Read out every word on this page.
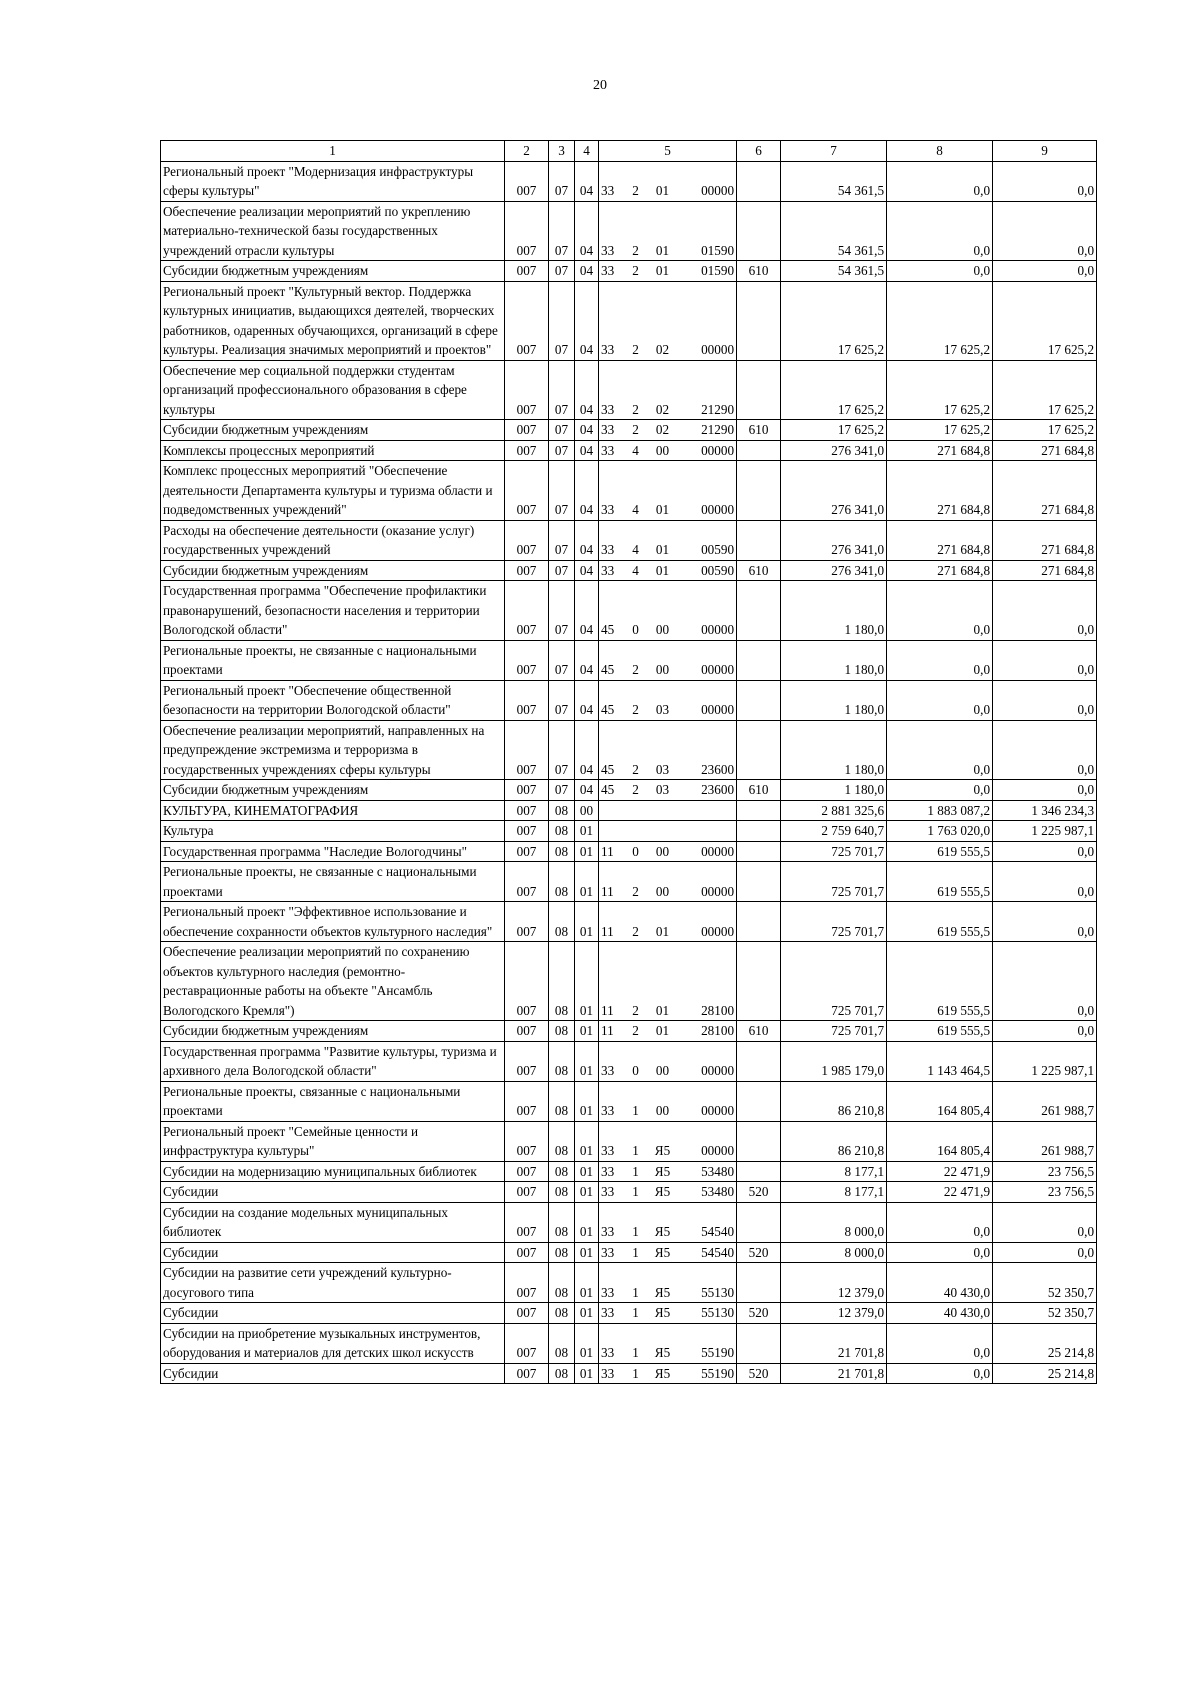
20
1	2	3	4	5				6	7	8	9
Региональный проект "Модернизация инфраструктуры сферы культуры"	007	07	04	33	2	01	00000		54 361,5	0,0	0,0
Обеспечение реализации мероприятий по укреплению материально-технической базы государственных учреждений отрасли культуры	007	07	04	33	2	01	01590		54 361,5	0,0	0,0
Субсидии бюджетным учреждениям	007	07	04	33	2	01	01590	610	54 361,5	0,0	0,0
Региональный проект "Культурный вектор. Поддержка культурных инициатив, выдающихся деятелей, творческих работников, одаренных обучающихся, организаций в сфере культуры. Реализация значимых мероприятий и проектов"	007	07	04	33	2	02	00000		17 625,2	17 625,2	17 625,2
Обеспечение мер социальной поддержки студентам организаций профессионального образования в сфере культуры	007	07	04	33	2	02	21290		17 625,2	17 625,2	17 625,2
Субсидии бюджетным учреждениям	007	07	04	33	2	02	21290	610	17 625,2	17 625,2	17 625,2
Комплексы процессных мероприятий	007	07	04	33	4	00	00000		276 341,0	271 684,8	271 684,8
Комплекс процессных мероприятий "Обеспечение деятельности Департамента культуры и туризма области и подведомственных учреждений"	007	07	04	33	4	01	00000		276 341,0	271 684,8	271 684,8
Расходы на обеспечение деятельности (оказание услуг) государственных учреждений	007	07	04	33	4	01	00590		276 341,0	271 684,8	271 684,8
Субсидии бюджетным учреждениям	007	07	04	33	4	01	00590	610	276 341,0	271 684,8	271 684,8
Государственная программа "Обеспечение профилактики правонарушений, безопасности населения и территории Вологодской области"	007	07	04	45	0	00	00000		1 180,0	0,0	0,0
Региональные проекты, не связанные с национальными проектами	007	07	04	45	2	00	00000		1 180,0	0,0	0,0
Региональный проект "Обеспечение общественной безопасности на территории Вологодской области"	007	07	04	45	2	03	00000		1 180,0	0,0	0,0
Обеспечение реализации мероприятий, направленных на предупреждение экстремизма и терроризма в государственных учреждениях сферы культуры	007	07	04	45	2	03	23600		1 180,0	0,0	0,0
Субсидии бюджетным учреждениям	007	07	04	45	2	03	23600	610	1 180,0	0,0	0,0
КУЛЬТУРА, КИНЕМАТОГРАФИЯ	007	08	00						2 881 325,6	1 883 087,2	1 346 234,3
Культура	007	08	01						2 759 640,7	1 763 020,0	1 225 987,1
Государственная программа "Наследие Вологодчины"	007	08	01	11	0	00	00000		725 701,7	619 555,5	0,0
Региональные проекты, не связанные с национальными проектами	007	08	01	11	2	00	00000		725 701,7	619 555,5	0,0
Региональный проект "Эффективное использование и обеспечение сохранности объектов культурного наследия"	007	08	01	11	2	01	00000		725 701,7	619 555,5	0,0
Обеспечение реализации мероприятий по сохранению объектов культурного наследия (ремонтно-реставрационные работы на объекте "Ансамбль Вологодского Кремля")	007	08	01	11	2	01	28100		725 701,7	619 555,5	0,0
Субсидии бюджетным учреждениям	007	08	01	11	2	01	28100	610	725 701,7	619 555,5	0,0
Государственная программа "Развитие культуры, туризма и архивного дела Вологодской области"	007	08	01	33	0	00	00000		1 985 179,0	1 143 464,5	1 225 987,1
Региональные проекты, связанные с национальными проектами	007	08	01	33	1	00	00000		86 210,8	164 805,4	261 988,7
Региональный проект "Семейные ценности и инфраструктура культуры"	007	08	01	33	1	Я5	00000		86 210,8	164 805,4	261 988,7
Субсидии на модернизацию муниципальных библиотек	007	08	01	33	1	Я5	53480		8 177,1	22 471,9	23 756,5
Субсидии	007	08	01	33	1	Я5	53480	520	8 177,1	22 471,9	23 756,5
Субсидии на создание модельных муниципальных библиотек	007	08	01	33	1	Я5	54540		8 000,0	0,0	0,0
Субсидии	007	08	01	33	1	Я5	54540	520	8 000,0	0,0	0,0
Субсидии на развитие сети учреждений культурно-досугового типа	007	08	01	33	1	Я5	55130		12 379,0	40 430,0	52 350,7
Субсидии	007	08	01	33	1	Я5	55130	520	12 379,0	40 430,0	52 350,7
Субсидии на приобретение музыкальных инструментов, оборудования и материалов для детских школ искусств	007	08	01	33	1	Я5	55190		21 701,8	0,0	25 214,8
Субсидии	007	08	01	33	1	Я5	55190	520	21 701,8	0,0	25 214,8
